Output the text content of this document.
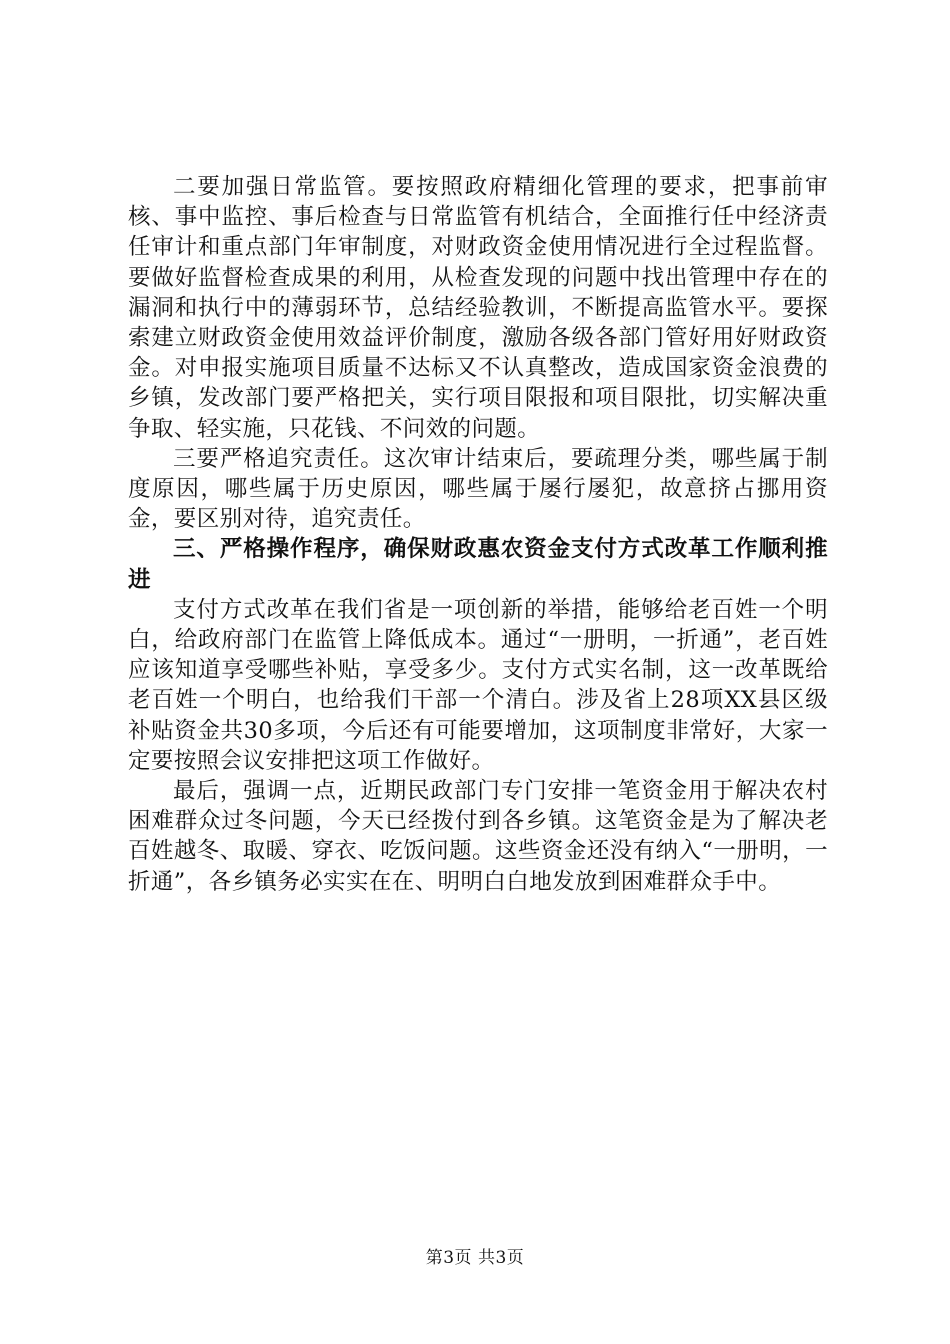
二要加强日常监管。要按照政府精细化管理的要求，把事前审核、事中监控、事后检查与日常监管有机结合，全面推行任中经济责任审计和重点部门年审制度，对财政资金使用情况进行全过程监督。要做好监督检查成果的利用，从检查发现的问题中找出管理中存在的漏洞和执行中的薄弱环节，总结经验教训，不断提高监管水平。要探索建立财政资金使用效益评价制度，激励各级各部门管好用好财政资金。对申报实施项目质量不达标又不认真整改，造成国家资金浪费的乡镇，发改部门要严格把关，实行项目限报和项目限批，切实解决重争取、轻实施，只花钱、不问效的问题。

三要严格追究责任。这次审计结束后，要疏理分类，哪些属于制度原因，哪些属于历史原因，哪些属于屡行屡犯，故意挤占挪用资金，要区别对待，追究责任。

三、严格操作程序，确保财政惠农资金支付方式改革工作顺利推进

支付方式改革在我们省是一项创新的举措，能够给老百姓一个明白，给政府部门在监管上降低成本。通过“一册明，一折通”，老百姓应该知道享受哪些补贴，享受多少。支付方式实名制，这一改革既给老百姓一个明白，也给我们干部一个清白。涉及省上28项XX县区级补贴资金共30多项，今后还有可能要增加，这项制度非常好，大家一定要按照会议安排把这项工作做好。

最后，强调一点，近期民政部门专门安排一笔资金用于解决农村困难群众过冬问题，今天已经拨付到各乡镇。这笔资金是为了解决老百姓越冬、取暖、穿衣、吃饭问题。这些资金还没有纳入“一册明，一折通”，各乡镇务必实实在在、明明白白地发放到困难群众手中。

第3页 共3页
